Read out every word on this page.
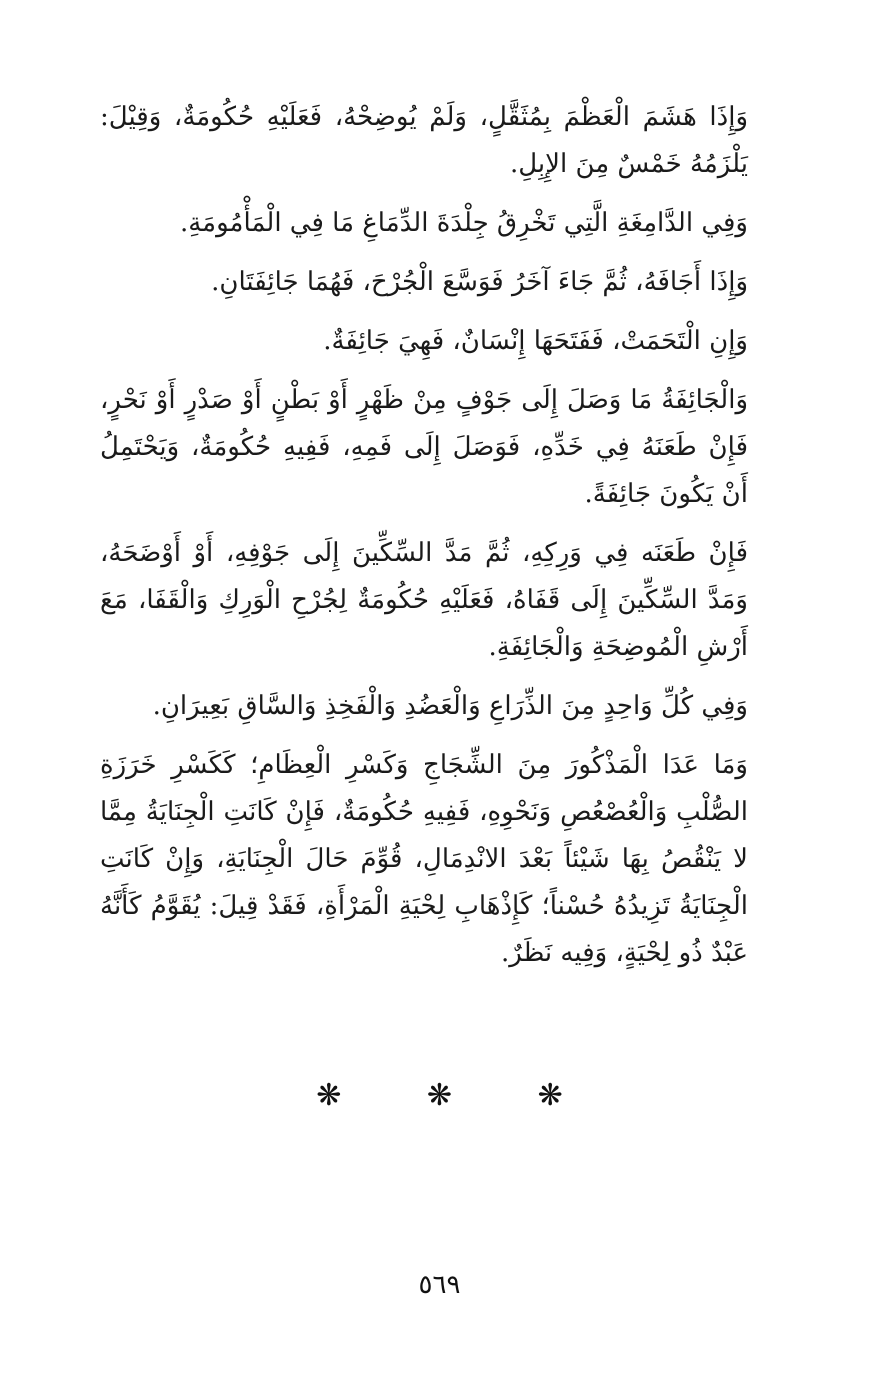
وَإِذَا هَشَمَ الْعَظْمَ بِمُثَقَّلٍ، وَلَمْ يُوضِحْهُ، فَعَلَيْهِ حُكُومَةٌ، وَقِيْلَ: يَلْزَمُهُ خَمْسٌ مِنَ الإِبِلِ.

وَفِي الدَّامِغَةِ الَّتِي تَخْرِقُ جِلْدَةَ الدِّمَاغِ مَا فِي الْمَأْمُومَةِ.

وَإِذَا أَجَافَهُ، ثُمَّ جَاءَ آخَرُ فَوَسَّعَ الْجُرْحَ، فَهُمَا جَائِفَتَانِ.

وَإِنِ الْتَحَمَتْ، فَفَتَحَهَا إِنْسَانٌ، فَهِيَ جَائِفَةٌ.

وَالْجَائِفَةُ مَا وَصَلَ إِلَى جَوْفٍ مِنْ ظَهْرٍ أَوْ بَطْنٍ أَوْ صَدْرٍ أَوْ نَحْرٍ، فَإِنْ طَعَنَهُ فِي خَدِّهِ، فَوَصَلَ إِلَى فَمِهِ، فَفِيهِ حُكُومَةٌ، وَيَحْتَمِلُ أَنْ يَكُونَ جَائِفَةً.

فَإِنْ طَعَنَه فِي وَرِكِهِ، ثُمَّ مَدَّ السِّكِّينَ إِلَى جَوْفِهِ، أَوْ أَوْضَحَهُ، وَمَدَّ السِّكِّينَ إِلَى قَفَاهُ، فَعَلَيْهِ حُكُومَةٌ لِجُرْحِ الْوَرِكِ وَالْقَفَا، مَعَ أَرْشِ الْمُوضِحَةِ وَالْجَائِفَةِ.

وَفِي كُلِّ وَاحِدٍ مِنَ الذِّرَاعِ وَالْعَضُدِ وَالْفَخِذِ وَالسَّاقِ بَعِيرَانِ.

وَمَا عَدَا الْمَذْكُورَ مِنَ الشِّجَاجِ وَكَسْرِ الْعِظَامِ؛ كَكَسْرِ خَرَزَةِ الصُّلْبِ وَالْعُصْعُصِ وَنَحْوِهِ، فَفِيهِ حُكُومَةٌ، فَإِنْ كَانَتِ الْجِنَايَةُ مِمَّا لا يَنْقُصُ بِهَا شَيْئاً بَعْدَ الانْدِمَالِ، قُوِّمَ حَالَ الْجِنَايَةِ، وَإِنْ كَانَتِ الْجِنَايَةُ تَزِيدُهُ حُسْناً؛ كَإِذْهَابِ لِحْيَةِ الْمَرْأَةِ، فَقَدْ قِيلَ: يُقَوَّمُ كَأَنَّهُ عَبْدٌ ذُو لِحْيَةٍ، وَفِيه نَظَرٌ.

❋ ❋ ❋
٥٦٩
